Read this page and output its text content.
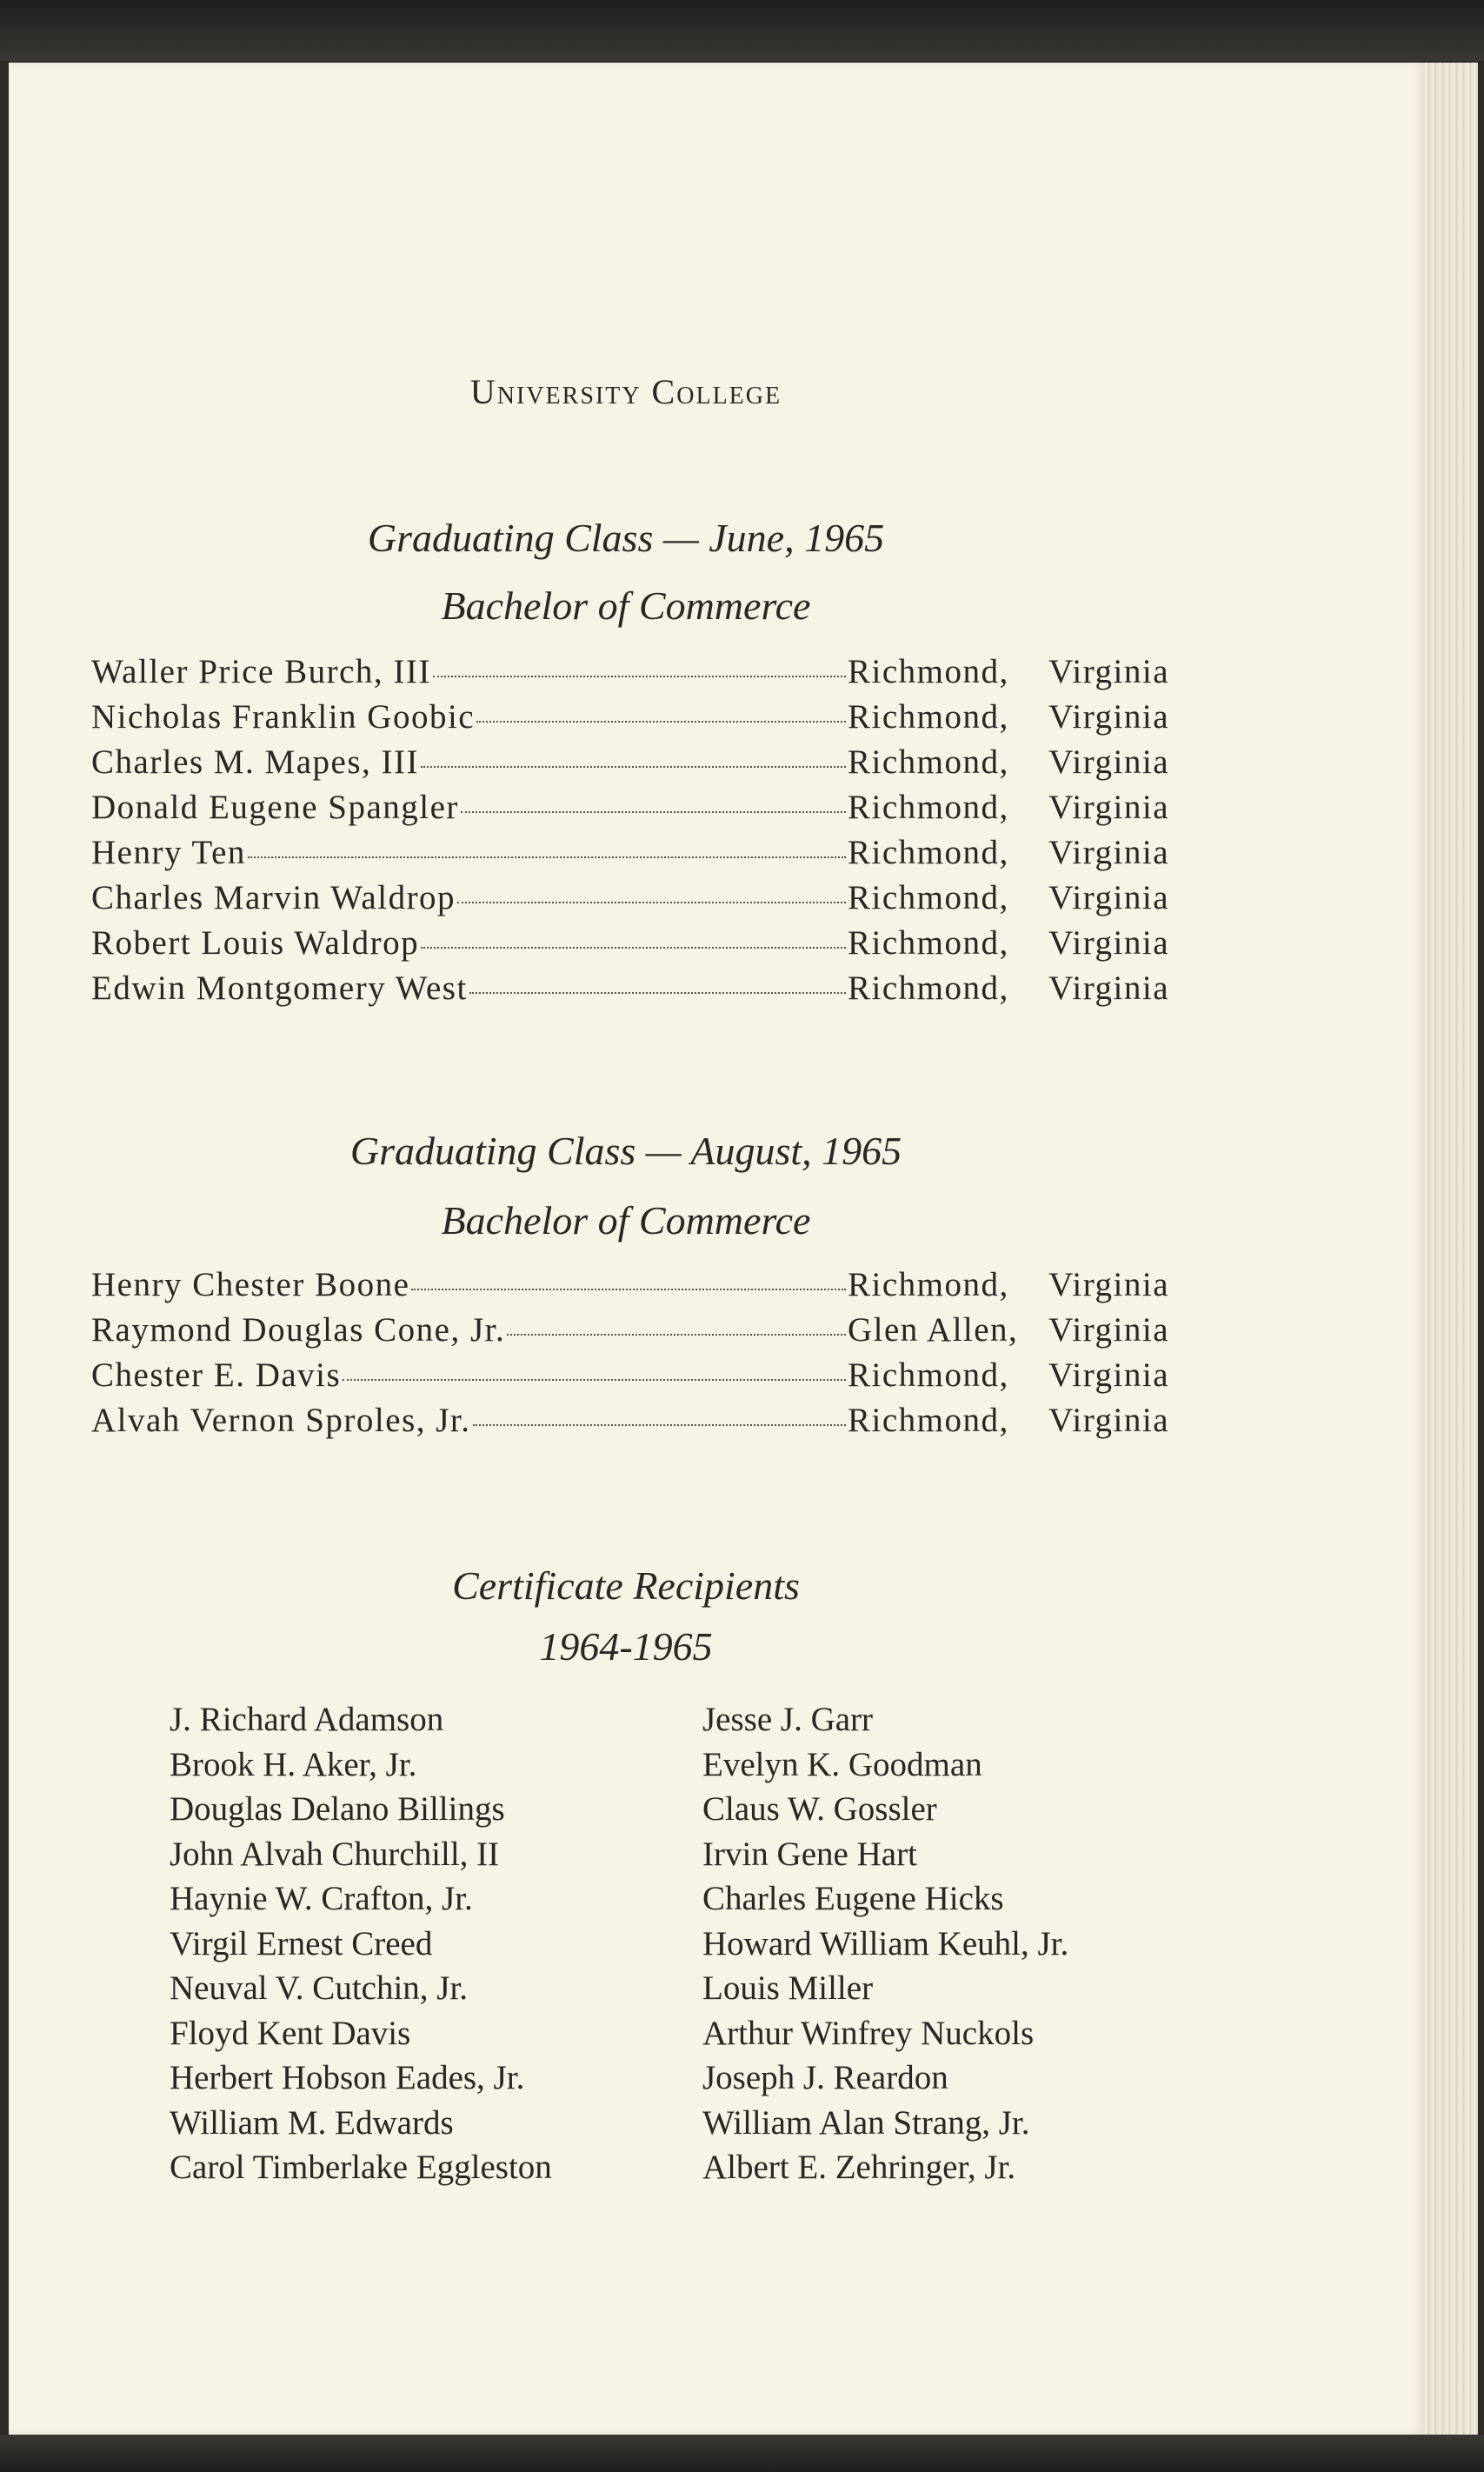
University College
Graduating Class — June, 1965
Bachelor of Commerce
Waller Price Burch, III	Richmond, Virginia
Nicholas Franklin Goobic	Richmond, Virginia
Charles M. Mapes, III	Richmond, Virginia
Donald Eugene Spangler	Richmond, Virginia
Henry Ten	Richmond, Virginia
Charles Marvin Waldrop	Richmond, Virginia
Robert Louis Waldrop	Richmond, Virginia
Edwin Montgomery West	Richmond, Virginia
Graduating Class — August, 1965
Bachelor of Commerce
Henry Chester Boone	Richmond, Virginia
Raymond Douglas Cone, Jr.	Glen Allen, Virginia
Chester E. Davis	Richmond, Virginia
Alvah Vernon Sproles, Jr.	Richmond, Virginia
Certificate Recipients
1964-1965
J. Richard Adamson
Brook H. Aker, Jr.
Douglas Delano Billings
John Alvah Churchill, II
Haynie W. Crafton, Jr.
Virgil Ernest Creed
Neuval V. Cutchin, Jr.
Floyd Kent Davis
Herbert Hobson Eades, Jr.
William M. Edwards
Carol Timberlake Eggleston
Jesse J. Garr
Evelyn K. Goodman
Claus W. Gossler
Irvin Gene Hart
Charles Eugene Hicks
Howard William Keuhl, Jr.
Louis Miller
Arthur Winfrey Nuckols
Joseph J. Reardon
William Alan Strang, Jr.
Albert E. Zehringer, Jr.
